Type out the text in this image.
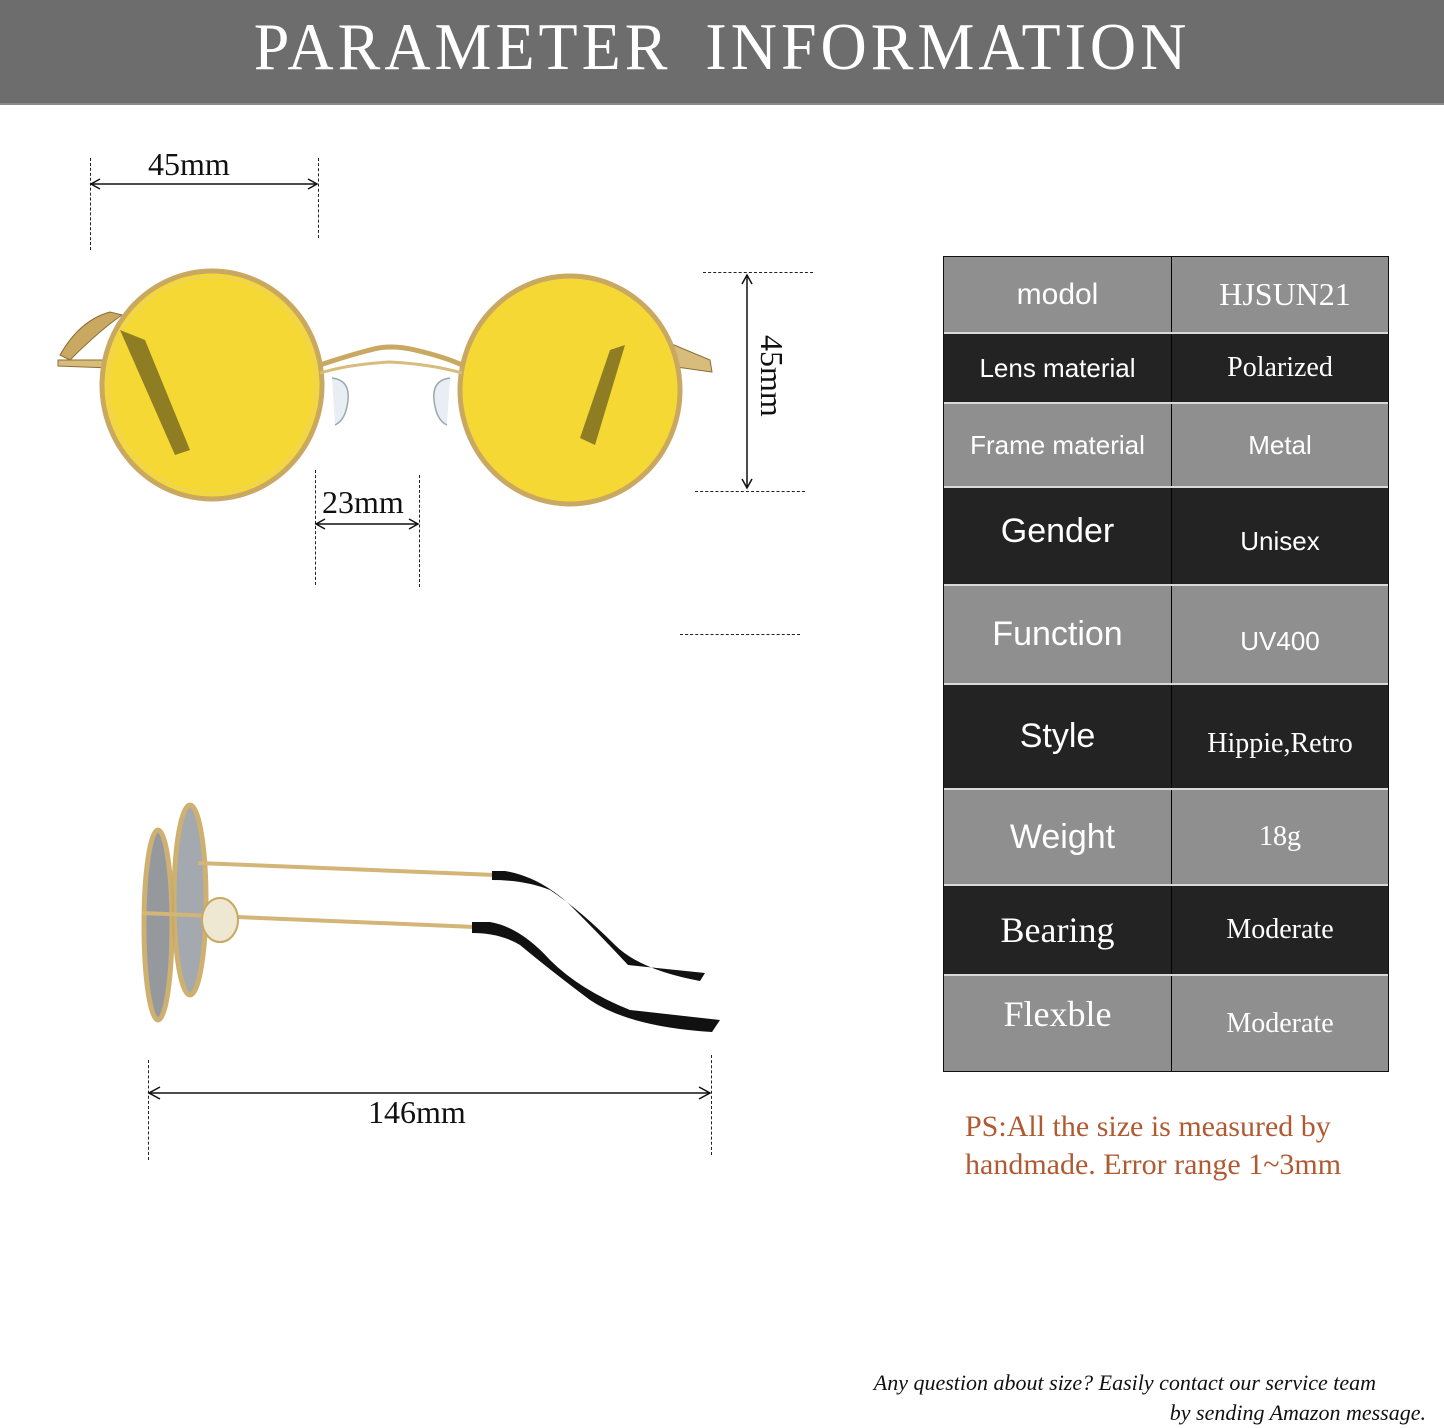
PARAMETER INFORMATION
45mm
23mm
45mm
146mm
modol	HJSUN21
Lens material	Polarized
Frame material	Metal
Gender	Unisex
Function	UV400
Style	Hippie,Retro
Weight	18g
Bearing	Moderate
Flexble	Moderate
PS:All the size is measured by
handmade. Error range 1~3mm
Any question about size? Easily contact our service team
by sending Amazon message.
